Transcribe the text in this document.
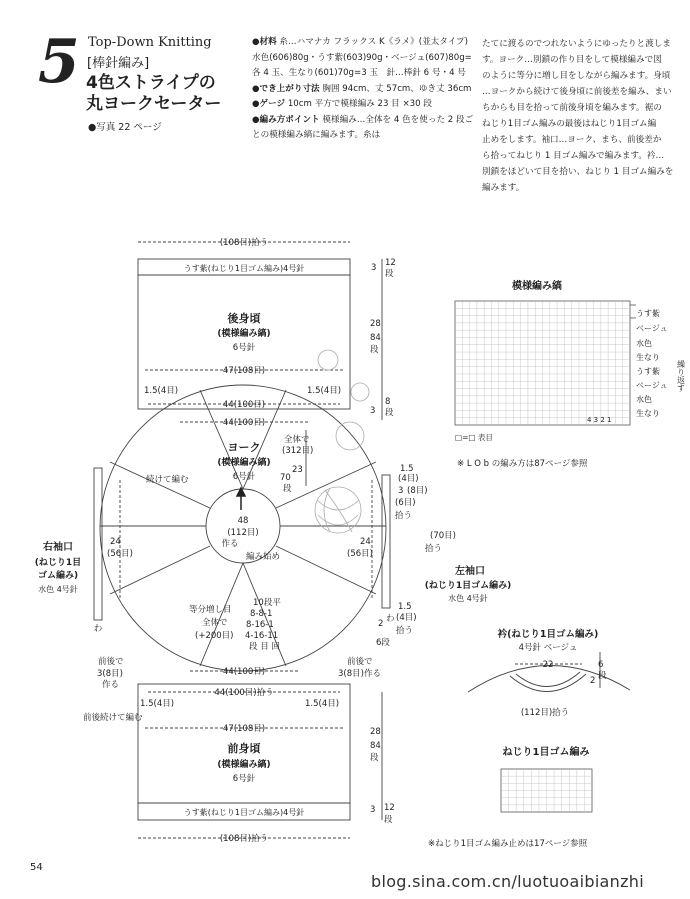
5 Top-Down Knitting
[棒針編み]
4色ストライプの
丸ヨークセーター
●写真 22 ページ
●材料 糸…ハマナカ フラックス K《ラメ》(並太タイプ)水色(606)80g・うす紫(603)90g・ベージュ(607)80g=各 4 玉、生なり(601)70g=3 玉　針…棒針 6 号・4 号
●でき上がり寸法 胸囲 94cm、丈 57cm、ゆき丈 36cm
●ゲージ 10cm 平方で模様編み 23 目 ×30 段
●編み方ポイント 模様編み…全体を 4 色を使った 2 段ごとの模様編み縞に編みます。糸は
たてに渡るのでつれないようにゆったりと渡しま
す。ヨーク…別鎖の作り目をして模様編みで図
のように等分に増し目をしながら編みます。身頃
…ヨークから続けて後身頃に前後差を編み、まい
ちからも目を拾って前後身頃を編みます。裾の
ねじり1目ゴム編みの最後はねじり1目ゴム編
止めをします。袖口…ヨーク、まち、前後差か
ら拾ってねじり 1 目ゴム編みで編みます。衿…
別鎖をほどいて目を拾い、ねじり 1 目ゴム編みを
編みます。
(108目)拾う
うす紫(ねじり1目ゴム編み)4号針
後身頃
(模様編み縞)
6号針
47(108目)
44(100目)
1.5(4目)	1.5(4目)
3 12
段
28
84
段
3
8
段
44(100目)
ヨーク
(模様編み縞)
6号針
全体で
(312目)
23
70
段
続けて編む
48
(112目)
作る
編み始め
24
(56目)
24
(56目)
右袖口
(ねじり1目
ゴム編み)
水色 4号針
わ
左袖口
(ねじり1目ゴム編み)
水色 4号針
(70目)
拾う
1.5
(4目)
3 (8目)
(6目)
拾う
1.5
(4目)
拾う
2
6段
わ
等分増し目
全体で
(+200目)
10段平
8-8-1
8-16-1
4-16-11
段 目 回
前後で
3(8目)
作る
前後で
3(8目)作る
前後続けて編む
44(100目)
44(100目)拾う
1.5(4目)	1.5(4目)
47(108目)
前身頃
(模様編み縞)
6号針
うす紫(ねじり1目ゴム編み)4号針
(108目)拾う
28
84
段
3 12
段
模様編み縞
うす紫
ベージュ
水色
生なり
うす紫
ベージュ
水色
生なり
繰り返す
4 3 2 1
□=□ 表目
※ L O b の編み方は87ページ参照
衿(ねじり1目ゴム編み)
4号針 ベージュ
22	6
段
2
(112目)拾う
ねじり1目ゴム編み
※ねじり1目ゴム編み止めは17ページ参照
54
blog.sina.com.cn/luotuoaibianzhi
